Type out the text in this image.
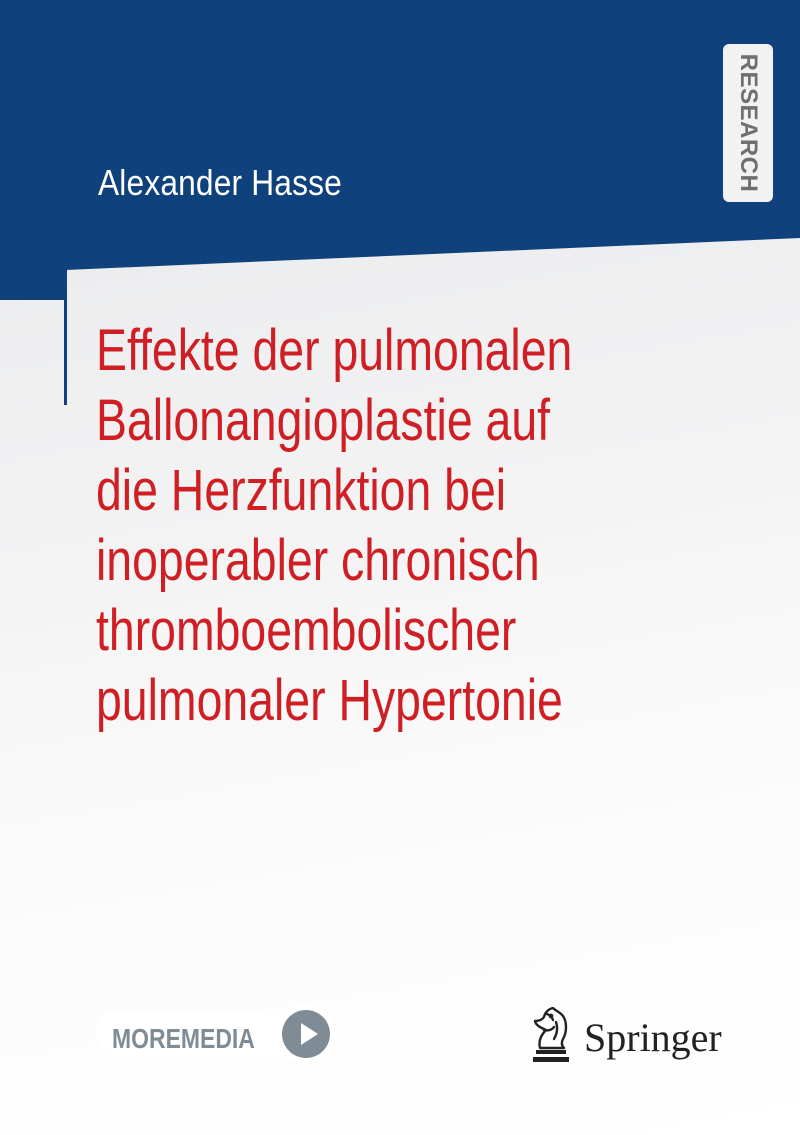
Alexander Hasse	RESEARCH
Effekte der pulmonalen
Ballonangioplastie auf
die Herzfunktion bei
inoperabler chronisch
thromboembolischer
pulmonaler Hypertonie
MOREMEDIA	Springer
